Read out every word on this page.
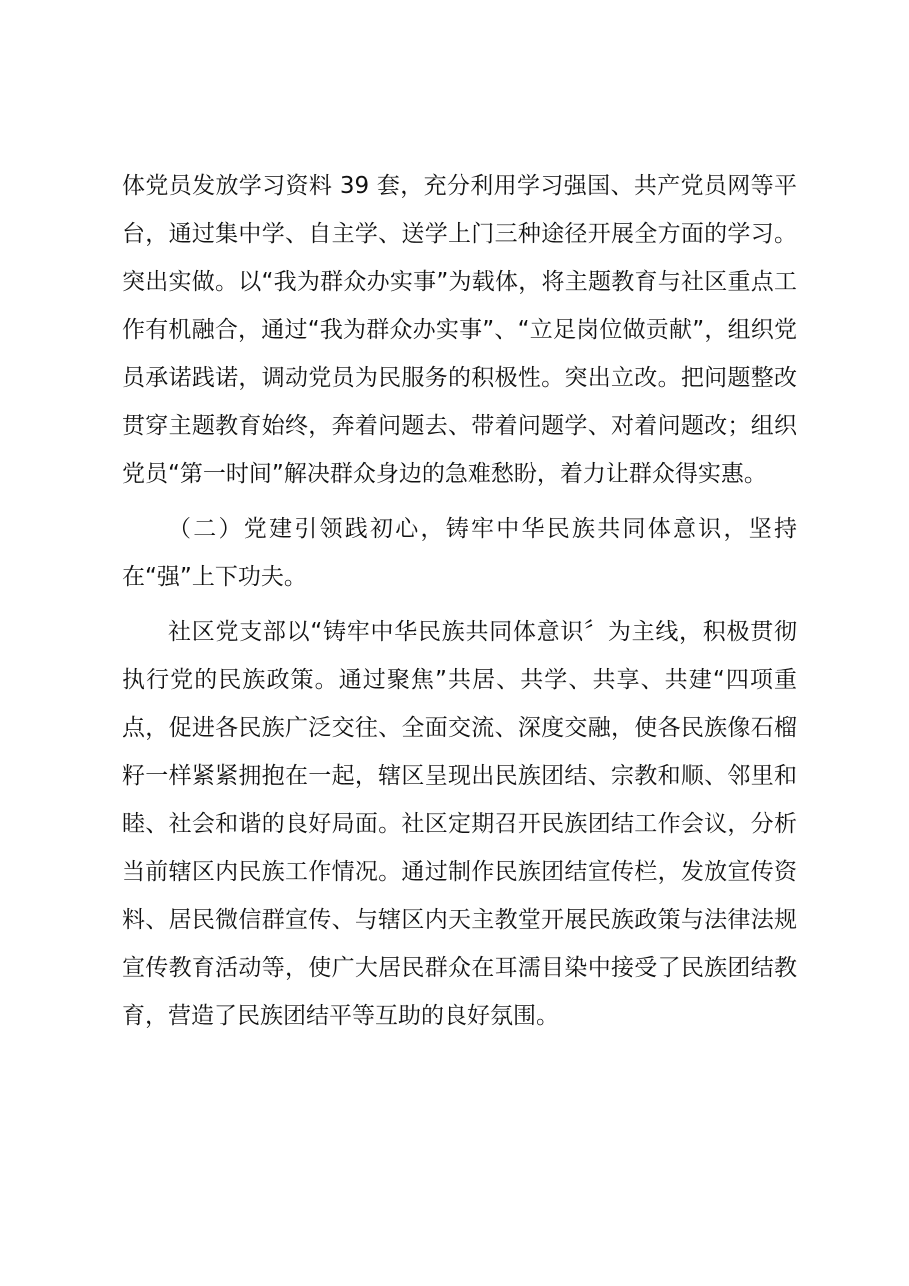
体党员发放学习资料 39 套，充分利用学习强国、共产党员网等平台，通过集中学、自主学、送学上门三种途径开展全方面的学习。突出实做。以“我为群众办实事”为载体，将主题教育与社区重点工作有机融合，通过“我为群众办实事”、“立足岗位做贡献”，组织党员承诺践诺，调动党员为民服务的积极性。突出立改。把问题整改贯穿主题教育始终，奔着问题去、带着问题学、对着问题改；组织党员“第一时间”解决群众身边的急难愁盼，着力让群众得实惠。

（二）党建引领践初心，铸牢中华民族共同体意识，坚持在“强”上下功夫。

社区党支部以“铸牢中华民族共同体意识〞为主线，积极贯彻执行党的民族政策。通过聚焦”共居、共学、共享、共建“四项重点，促进各民族广泛交往、全面交流、深度交融，使各民族像石榴籽一样紧紧拥抱在一起，辖区呈现出民族团结、宗教和顺、邻里和睦、社会和谐的良好局面。社区定期召开民族团结工作会议，分析当前辖区内民族工作情况。通过制作民族团结宣传栏，发放宣传资料、居民微信群宣传、与辖区内天主教堂开展民族政策与法律法规宣传教育活动等，使广大居民群众在耳濡目染中接受了民族团结教育，营造了民族团结平等互助的良好氛围。
